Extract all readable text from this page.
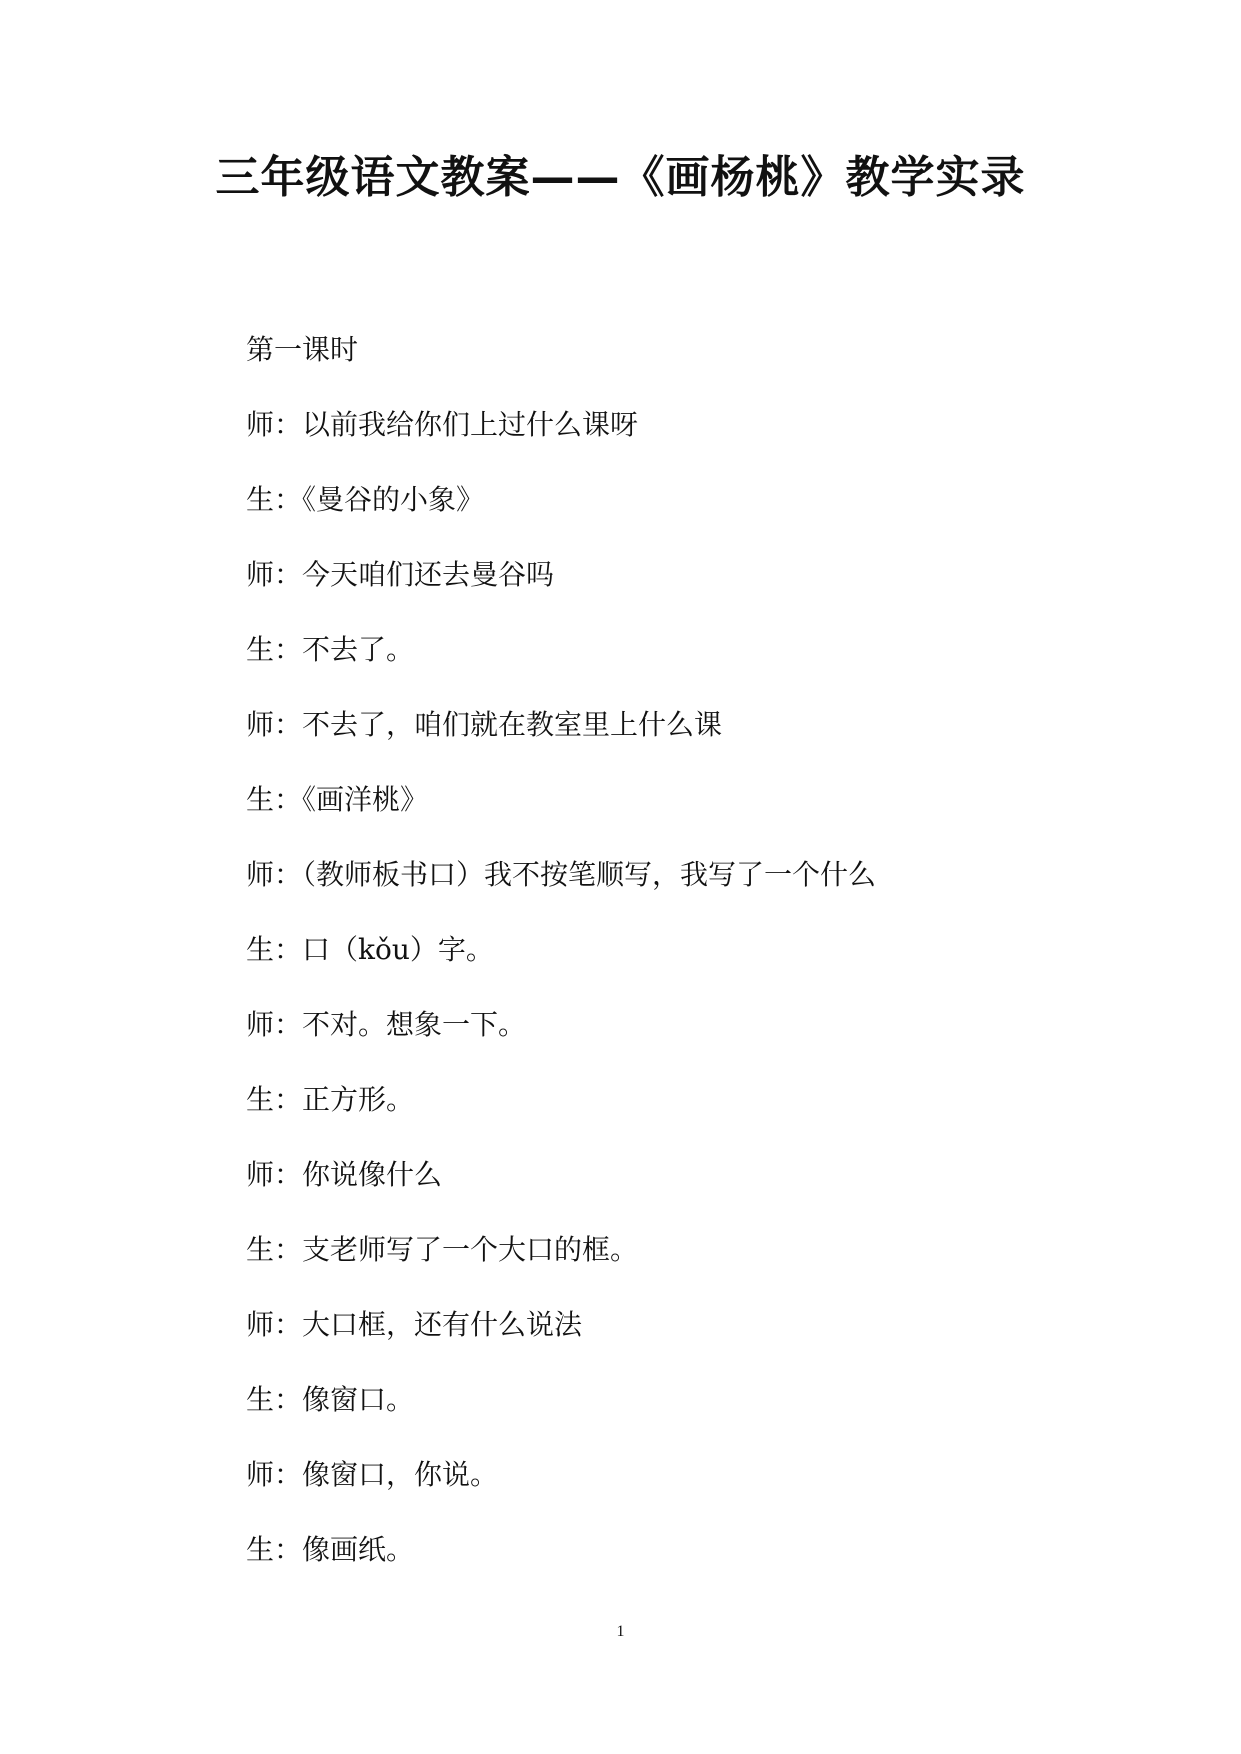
三年级语文教案——《画杨桃》教学实录

第一课时

师：以前我给你们上过什么课呀

生：《曼谷的小象》

师：今天咱们还去曼谷吗

生：不去了。

师：不去了，咱们就在教室里上什么课

生：《画洋桃》

师：（教师板书口）我不按笔顺写，我写了一个什么

生：口（kǒu）字。

师：不对。想象一下。

生：正方形。

师：你说像什么

生：支老师写了一个大口的框。

师：大口框，还有什么说法

生：像窗口。

师：像窗口，你说。

生：像画纸。

1
